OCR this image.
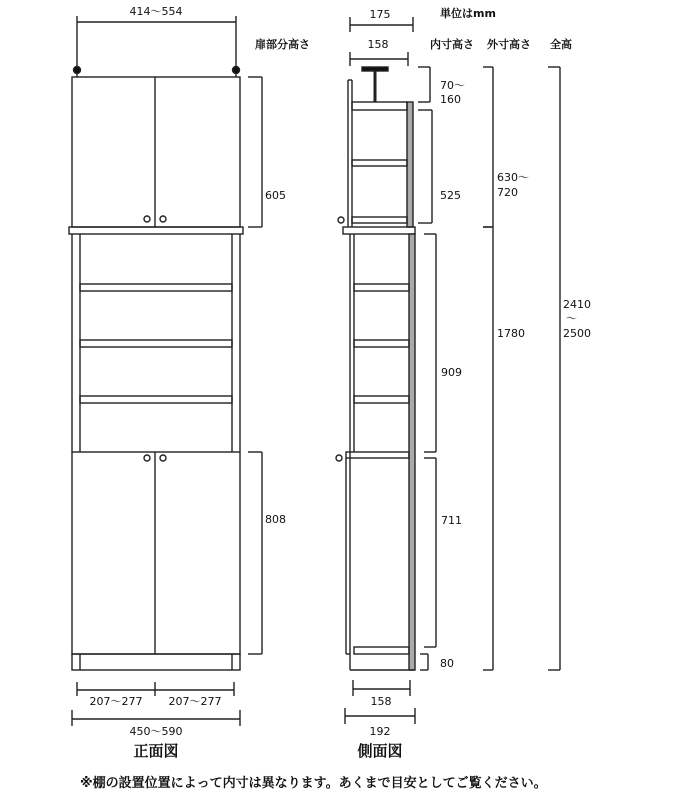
414～554
扉部分高さ
605
808
207～277 207～277
450～590
正面図
単位はmm
175
158	内寸高さ 外寸高さ 全高
70～
160
525
909
711
80
630～
720
1780
2410
～
2500
158
192
側面図
※棚の設置位置によって内寸は異なります。あくまで目安としてご覧ください。
